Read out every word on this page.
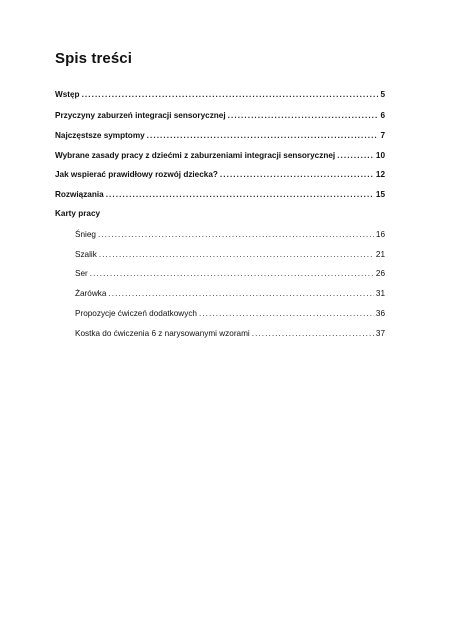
Spis treści
Wstęp . . .	5
Przyczyny zaburzeń integracji sensorycznej . . .	6
Najczęstsze symptomy . . .	7
Wybrane zasady pracy z dziećmi z zaburzeniami integracji sensorycznej . . .	10
Jak wspierać prawidłowy rozwój dziecka? . . .	12
Rozwiązania . . .	15
Karty pracy
Śnieg . . .	16
Szalik . . .	21
Ser . . .	26
Żarówka . . .	31
Propozycje ćwiczeń dodatkowych . . .	36
Kostka do ćwiczenia 6 z narysowanymi wzorami . . .	37
